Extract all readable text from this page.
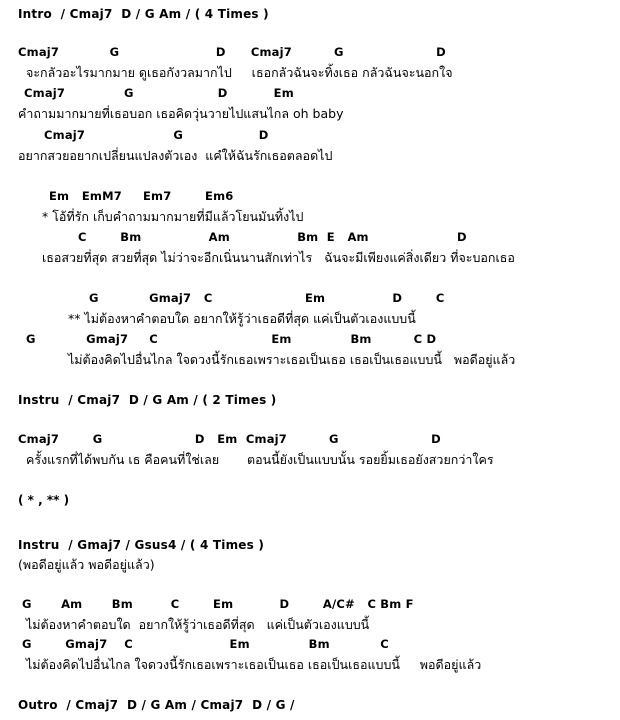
Intro  / Cmaj7  D / G Am / ( 4 Times )
Cmaj7            G                       D      Cmaj7          G                      D
จะกลัวอะไรมากมาย ดูเธอกังวลมากไป     เธอกลัวฉันจะทิ้งเธอ กลัวฉันจะนอกใจ
Cmaj7              G                    D           Em
คำถามมากมายที่เธอบอก เธอคิดวุ่นวายไปแสนไกล oh baby
Cmaj7                     G                  D
อยากสวยอยากเปลี่ยนแปลงตัวเอง  แคํให้ฉันรักเธอตลอดไป
Em   EmM7     Em7        Em6
* โอ้ที่รัก เก็บคำถามมากมายที่มีแล้วโยนมันทิ้งไป
C        Bm                Am                Bm  E   Am                     D
เธอสวยที่สุด สวยที่สุด ไม่ว่าจะอีกเนิ่นนานสักเท่าไร   ฉันจะมีเพียงแค่สิ่งเดียว ที่จะบอกเธอ
G            Gmaj7   C                      Em                D        C
** ไม่ต้องหาคำตอบใด อยากให้รู้ว่าเธอดีที่สุด แค่เป็นตัวเองแบบนี้
G            Gmaj7     C                           Em              Bm          C D
ไม่ต้องคิดไปอื่นไกล ใจดวงนี้รักเธอเพราะเธอเป็นเธอ เธอเป็นเธอแบบนี้   พอดีอยู่แล้ว
Instru  / Cmaj7  D / G Am / ( 2 Times )
Cmaj7        G                      D   Em  Cmaj7          G                      D
ครั้งแรกที่ได้พบกัน เธ คือคนที่ใช่เลย       ตอนนี้ยังเป็นแบบนั้น รอยยิ้มเธอยังสวยกว่าใคร
( * , ** )
Instru  / Gmaj7 / Gsus4 / ( 4 Times )
(พอดีอยู่แล้ว พอดีอยู่แล้ว)
G       Am       Bm         C        Em           D        A/C#   C Bm F
ไม่ต้องหาคำตอบใด  อยากให้รู้ว่าเธอดีที่สุด   แค่เป็นตัวเองแบบนี้
G        Gmaj7    C                       Em              Bm            C
ไม่ต้องคิดไปอื่นไกล ใจดวงนี้รักเธอเพราะเธอเป็นเธอ เธอเป็นเธอแบบนี้     พอดีอยู่แล้ว
Outro  / Cmaj7  D / G Am / Cmaj7  D / G /
